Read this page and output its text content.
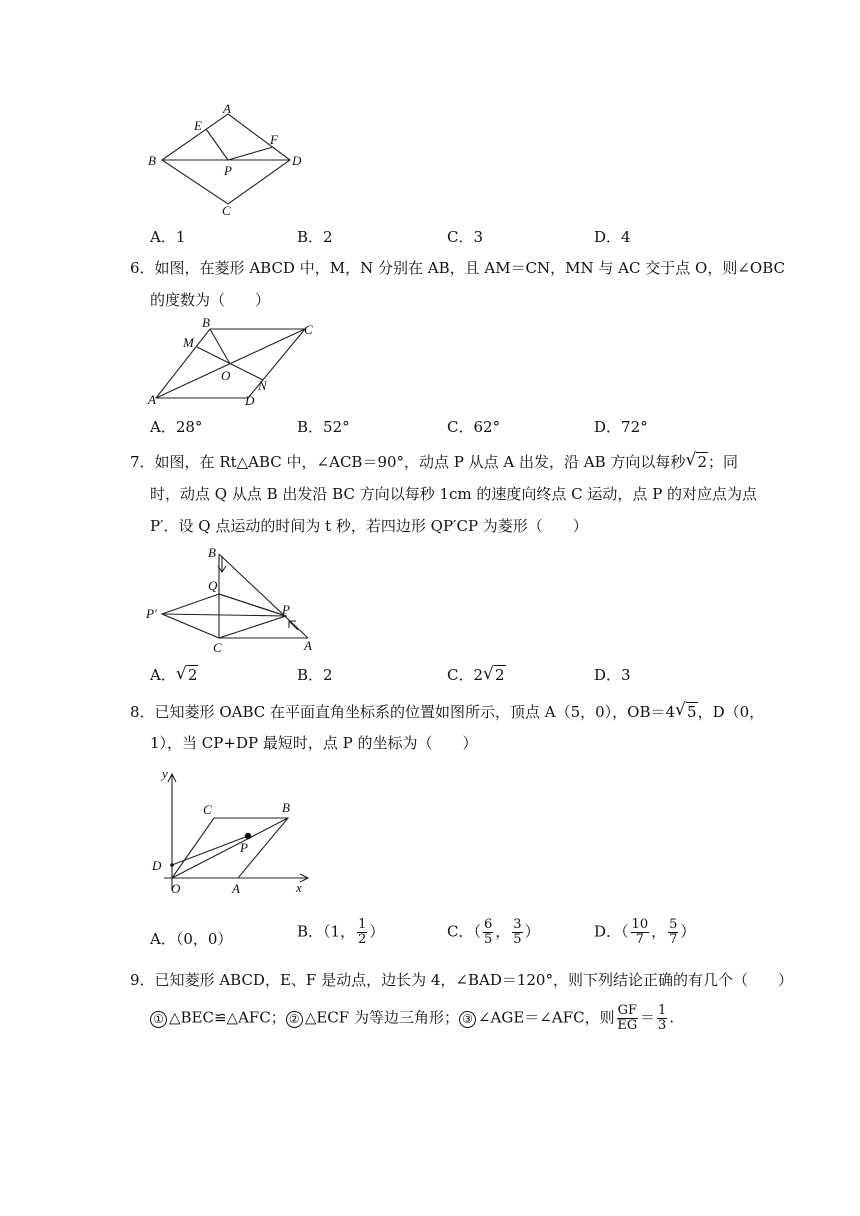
A
E
F
B
P
D
C
A．1	B．2	C．3	D．4
6．如图，在菱形 ABCD 中，M，N 分别在 AB，且 AM＝CN，MN 与 AC 交于点 O，则∠OBC
的度数为（　　）
B	C
M
O
N
A	D
A．28°	B．52°	C．62°	D．72°
7．如图，在 Rt△ABC 中，∠ACB＝90°，动点 P 从点 A 出发，沿 AB 方向以每秒 √ 2；同
时，动点 Q 从点 B 出发沿 BC 方向以每秒 1cm 的速度向终点 C 运动，点 P 的对应点为点
P′．设 Q 点运动的时间为 t 秒，若四边形 QP′CP 为菱形（　　）
B
Q
P′	P
A
C
A． √ 2	B．2	C．2 √ 2	D．3
8．已知菱形 OABC 在平面直角坐标系的位置如图所示，顶点 A（5，0），OB＝4 √ 5，D（0，
1），当 CP+DP 最短时，点 P 的坐标为（　　）
y
C	B
P
D
O	A	x
A．（0，0）	B．（1， $\frac{1}{2}$ ）	C．（ $\frac{6}{5}$ ， $\frac{3}{5}$ ）	D．（ $\frac{10}{7}$ ， $\frac{5}{7}$ ）
9．已知菱形 ABCD，E、F 是动点，边长为 4，∠BAD＝120°，则下列结论正确的有几个（　　）
① △BEC≌△AFC； ② △ECF 为等边三角形； ③ ∠AGE＝∠AFC，则 $\frac{GF}{EG} = \frac{1}{3}$ .
